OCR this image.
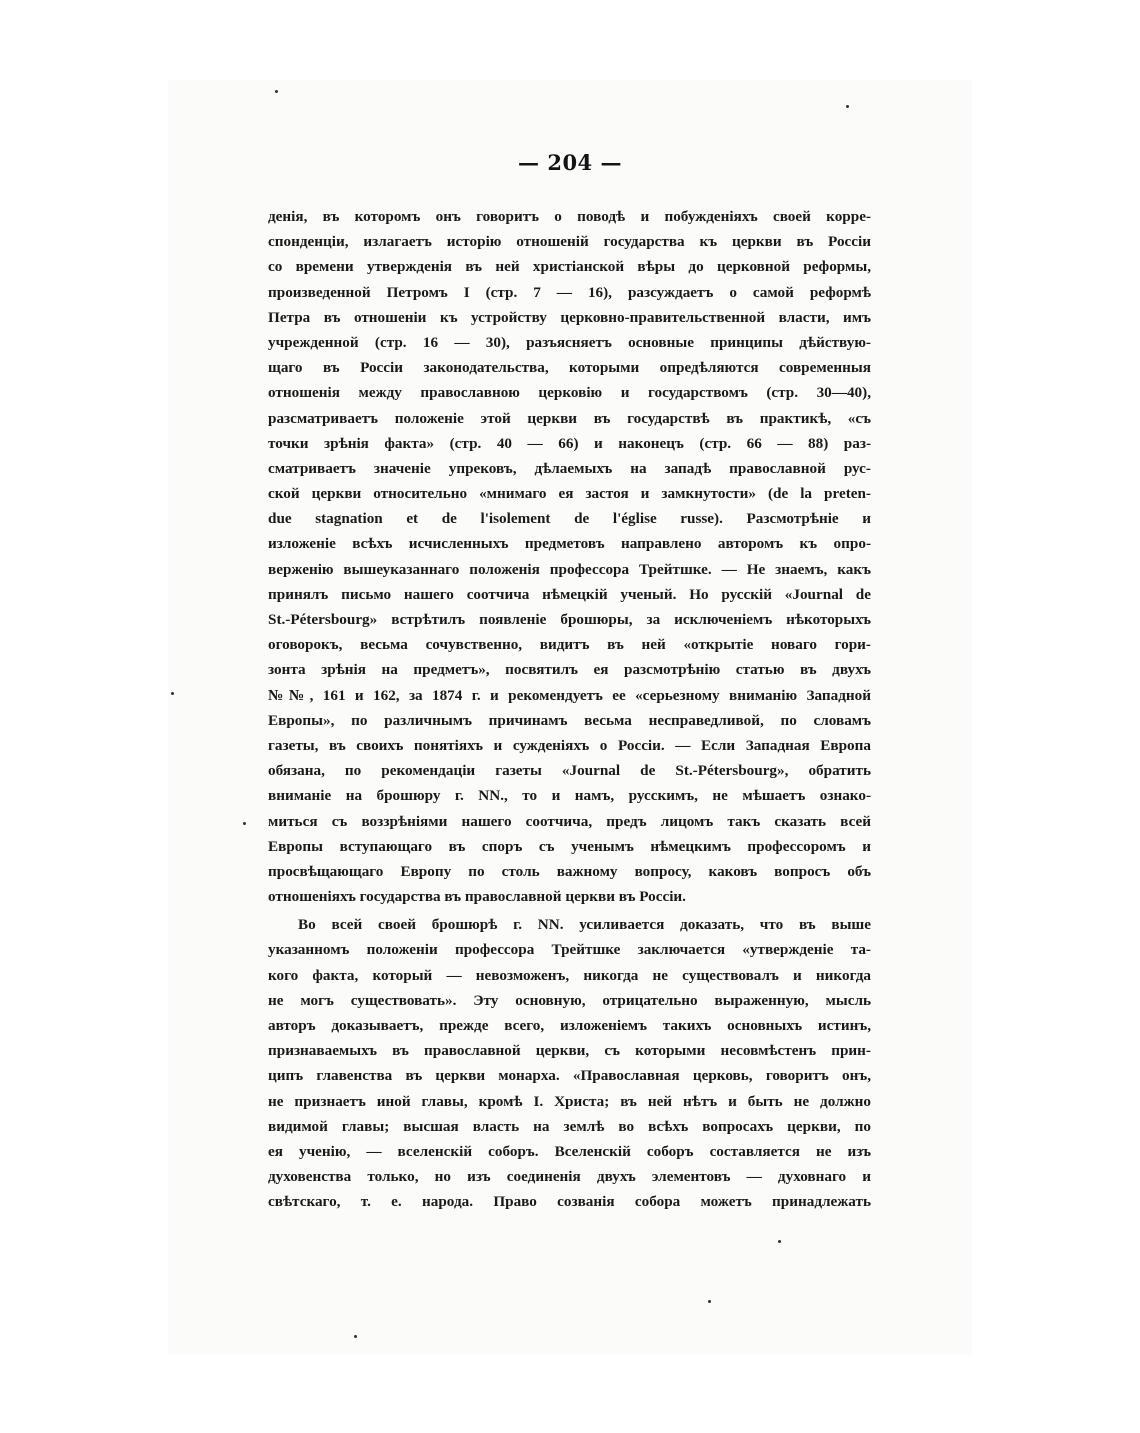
— 204 —
денія, въ которомъ онъ говоритъ о поводѣ и побужденіяхъ своей корре-
спонденціи, излагаетъ исторію отношеній государства къ церкви въ Россіи
со времени утвержденія въ ней христіанской вѣры до церковной реформы,
произведенной Петромъ I (стр. 7 — 16), разсуждаетъ о самой реформѣ
Петра въ отношеніи къ устройству церковно-правительственной власти, имъ
учрежденной (стр. 16 — 30), разъясняетъ основные принципы дѣйствую-
щаго въ Россіи законодательства, которыми опредѣляются современныя
отношенія между православною церковію и государствомъ (стр. 30—40),
разсматриваетъ положеніе этой церкви въ государствѣ въ практикѣ, «съ
точки зрѣнія факта» (стр. 40 — 66) и наконецъ (стр. 66 — 88) раз-
сматриваетъ значеніе упрековъ, дѣлаемыхъ на западѣ православной рус-
ской церкви относительно «мнимаго ея застоя и замкнутости» (de la preten-
due stagnation et de l'isolement de l'église russe). Разсмотрѣніе и
изложеніе всѣхъ исчисленныхъ предметовъ направлено авторомъ къ опро-
верженію вышеуказаннаго положенія профессора Трейтшке. — Не знаемъ, какъ
принялъ письмо нашего соотчича нѣмецкій ученый. Но русскій «Journal de
St.-Pétersbourg» встрѣтилъ появленіе брошюры, за исключеніемъ нѣкоторыхъ
оговорокъ, весьма сочувственно, видитъ въ ней «открытіе новаго гори-
зонта зрѣнія на предметъ», посвятилъ ея разсмотрѣнію статью въ двухъ
№№, 161 и 162, за 1874 г. и рекомендуетъ ее «серьезному вниманію Западной
Европы», по различнымъ причинамъ весьма несправедливой, по словамъ
газеты, въ своихъ понятіяхъ и сужденіяхъ о Россіи. — Если Западная Европа
обязана, по рекомендаціи газеты «Journal de St.-Pétersbourg», обратить
вниманіе на брошюру г. NN., то и намъ, русскимъ, не мѣшаетъ ознако-
миться съ воззрѣніями нашего соотчича, предъ лицомъ такъ сказать всей
Европы вступающаго въ споръ съ ученымъ нѣмецкимъ профессоромъ и
просвѣщающаго Европу по столь важному вопросу, каковъ вопросъ объ
отношеніяхъ государства въ православной церкви въ Россіи.
Во всей своей брошюрѣ г. NN. усиливается доказать, что въ выше
указанномъ положеніи профессора Трейтшке заключается «утвержденіе та-
кого факта, который — невозможенъ, никогда не существовалъ и никогда
не могъ существовать». Эту основную, отрицательно выраженную, мысль
авторъ доказываетъ, прежде всего, изложеніемъ такихъ основныхъ истинъ,
признаваемыхъ въ православной церкви, съ которыми несовмѣстенъ прин-
ципъ главенства въ церкви монарха. «Православная церковь, говоритъ онъ,
не признаетъ иной главы, кромѣ І. Христа; въ ней нѣтъ и быть не должно
видимой главы; высшая власть на землѣ во всѣхъ вопросахъ церкви, по
ея ученію, — вселенскій соборъ. Вселенскій соборъ составляется не изъ
духовенства только, но изъ соединенія двухъ элементовъ — духовнаго и
свѣтскаго, т. е. народа. Право созванія собора можетъ принадлежать
